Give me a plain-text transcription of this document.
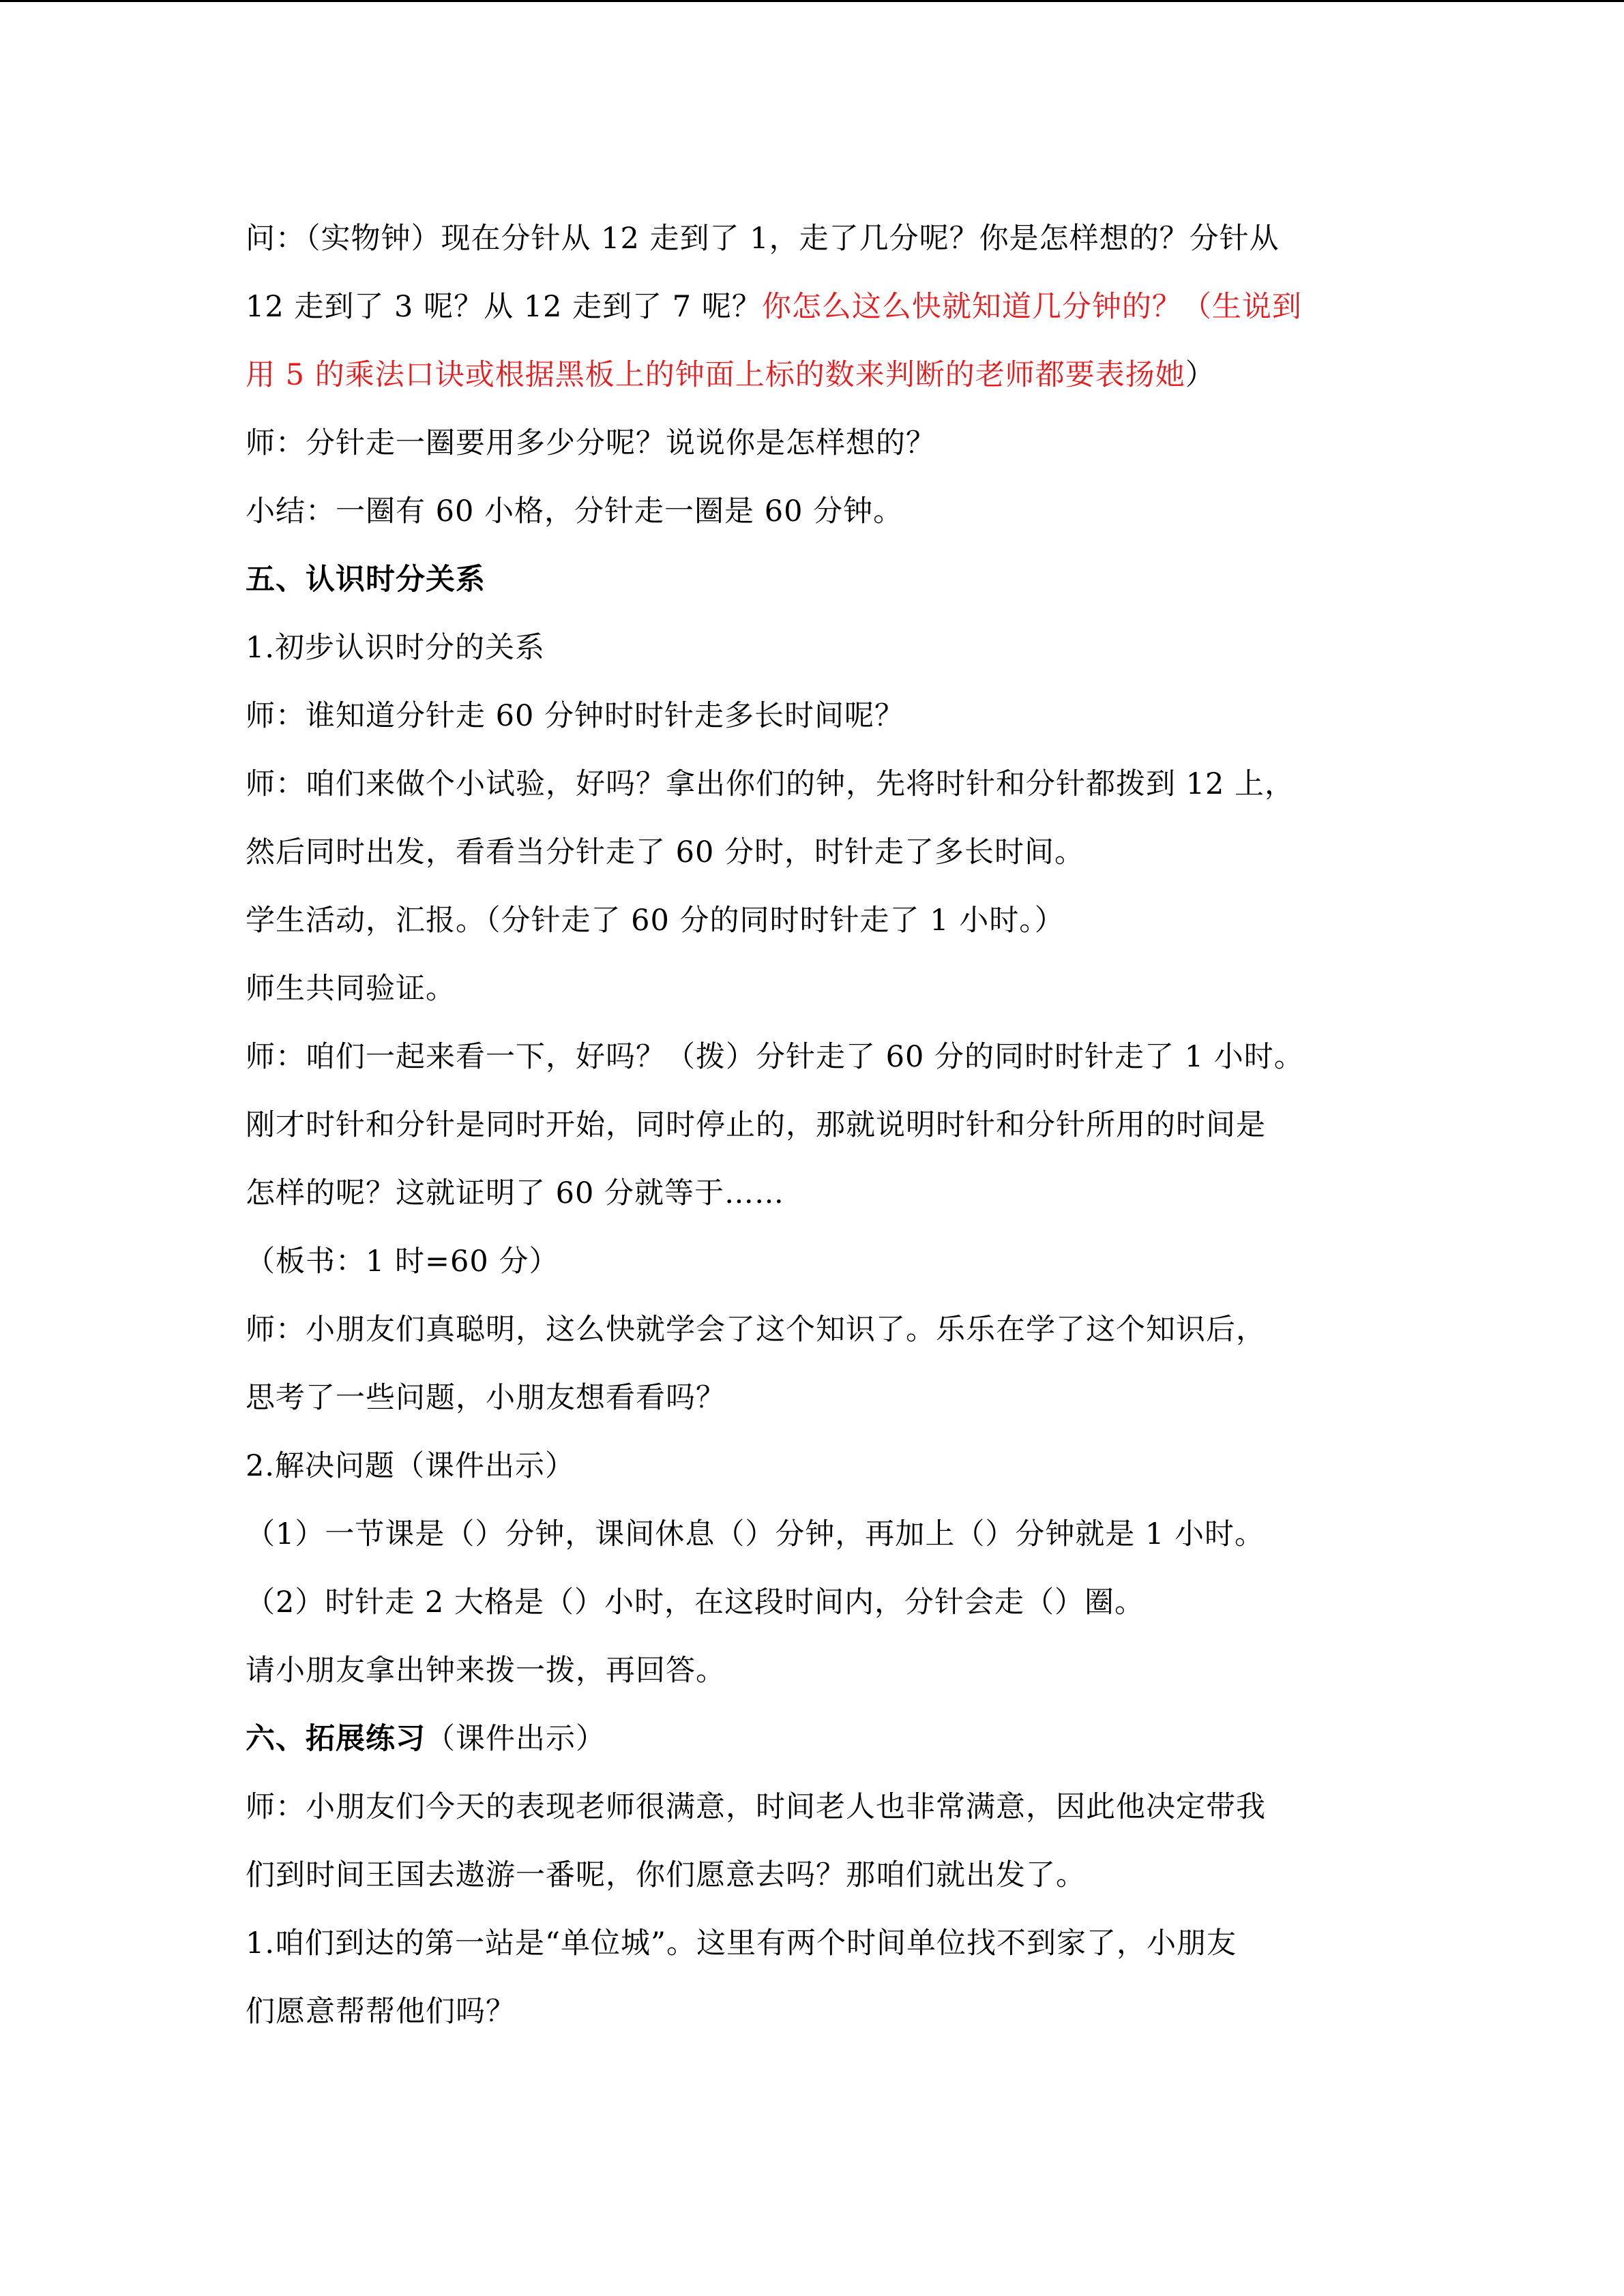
问：（实物钟）现在分针从 12 走到了 1，走了几分呢？你是怎样想的？分针从
12 走到了 3 呢？从 12 走到了 7 呢？你怎么这么快就知道几分钟的？（生说到
用 5 的乘法口诀或根据黑板上的钟面上标的数来判断的老师都要表扬她）
师：分针走一圈要用多少分呢？说说你是怎样想的？
小结：一圈有 60 小格，分针走一圈是 60 分钟。
五、认识时分关系
1.初步认识时分的关系
师：谁知道分针走 60 分钟时时针走多长时间呢？
师：咱们来做个小试验，好吗？拿出你们的钟，先将时针和分针都拨到 12 上，
然后同时出发，看看当分针走了 60 分时，时针走了多长时间。
学生活动，汇报。（分针走了 60 分的同时时针走了 1 小时。）
师生共同验证。
师：咱们一起来看一下，好吗？（拨）分针走了 60 分的同时时针走了 1 小时。
刚才时针和分针是同时开始，同时停止的，那就说明时针和分针所用的时间是
怎样的呢？这就证明了 60 分就等于……
（板书：1 时=60 分）
师：小朋友们真聪明，这么快就学会了这个知识了。乐乐在学了这个知识后，
思考了一些问题，小朋友想看看吗？
2.解决问题（课件出示）
（1）一节课是（）分钟，课间休息（）分钟，再加上（）分钟就是 1 小时。
（2）时针走 2 大格是（）小时，在这段时间内，分针会走（）圈。
请小朋友拿出钟来拨一拨，再回答。
六、拓展练习（课件出示）
师：小朋友们今天的表现老师很满意，时间老人也非常满意，因此他决定带我
们到时间王国去遨游一番呢，你们愿意去吗？那咱们就出发了。
1.咱们到达的第一站是“单位城”。这里有两个时间单位找不到家了，小朋友
们愿意帮帮他们吗？
